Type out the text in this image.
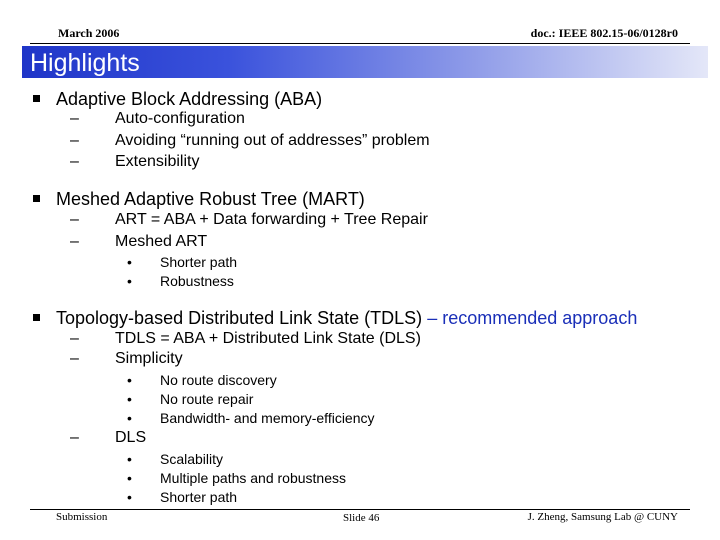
March 2006	doc.: IEEE 802.15-06/0128r0
Highlights
Adaptive Block Addressing (ABA)
– Auto-configuration
– Avoiding “running out of addresses” problem
– Extensibility
Meshed Adaptive Robust Tree (MART)
– ART = ABA + Data forwarding + Tree Repair
– Meshed ART
• Shorter path
• Robustness
Topology-based Distributed Link State (TDLS) – recommended approach
– TDLS = ABA + Distributed Link State (DLS)
– Simplicity
• No route discovery
• No route repair
• Bandwidth- and memory-efficiency
– DLS
• Scalability
• Multiple paths and robustness
• Shorter path
Submission	Slide 46	J. Zheng, Samsung Lab @ CUNY
